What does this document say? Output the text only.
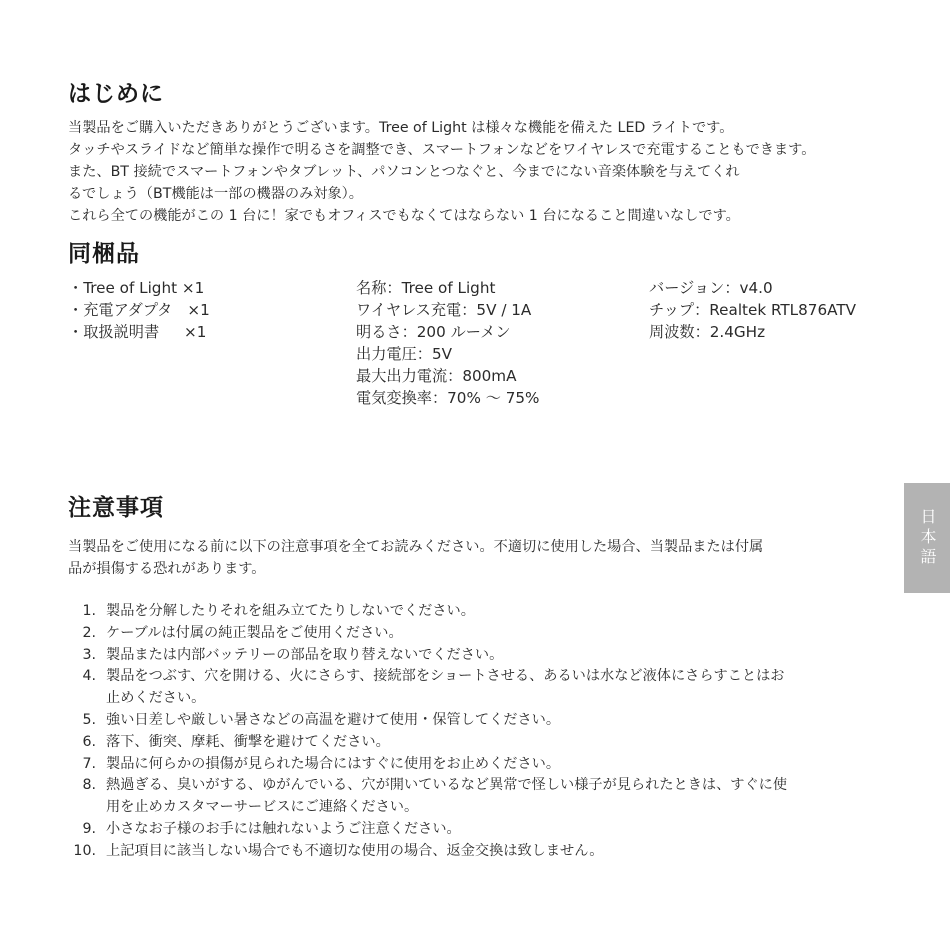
はじめに
当製品をご購入いただきありがとうございます。Tree of Light は様々な機能を備えた LED ライトです。
タッチやスライドなど簡単な操作で明るさを調整でき、スマートフォンなどをワイヤレスで充電することもできます。
また、BT 接続でスマートフォンやタブレット、パソコンとつなぐと、今までにない音楽体験を与えてくれ
るでしょう（BT機能は一部の機器のみ対象）。
これら全ての機能がこの 1 台に！家でもオフィスでもなくてはならない 1 台になること間違いなしです。
同梱品
・Tree of Light ×1
・充電アダプタ　×1
・取扱説明書　  ×1
名称：Tree of Light
ワイヤレス充電：5V / 1A
明るさ：200 ルーメン
出力電圧：5V
最大出力電流：800mA
電気変換率：70% ～ 75%
バージョン：v4.0
チップ：Realtek RTL876ATV
周波数：2.4GHz
注意事項
当製品をご使用になる前に以下の注意事項を全てお読みください。不適切に使用した場合、当製品または付属
品が損傷する恐れがあります。
1. 製品を分解したりそれを組み立てたりしないでください。
2. ケーブルは付属の純正製品をご使用ください。
3. 製品または内部バッテリーの部品を取り替えないでください。
4. 製品をつぶす、穴を開ける、火にさらす、接続部をショートさせる、あるいは水など液体にさらすことはお
止めください。
5. 強い日差しや厳しい暑さなどの高温を避けて使用・保管してください。
6. 落下、衝突、摩耗、衝撃を避けてください。
7. 製品に何らかの損傷が見られた場合にはすぐに使用をお止めください。
8. 熱過ぎる、臭いがする、ゆがんでいる、穴が開いているなど異常で怪しい様子が見られたときは、すぐに使
用を止めカスタマーサービスにご連絡ください。
9. 小さなお子様のお手には触れないようご注意ください。
10. 上記項目に該当しない場合でも不適切な使用の場合、返金交換は致しません。
日本語
